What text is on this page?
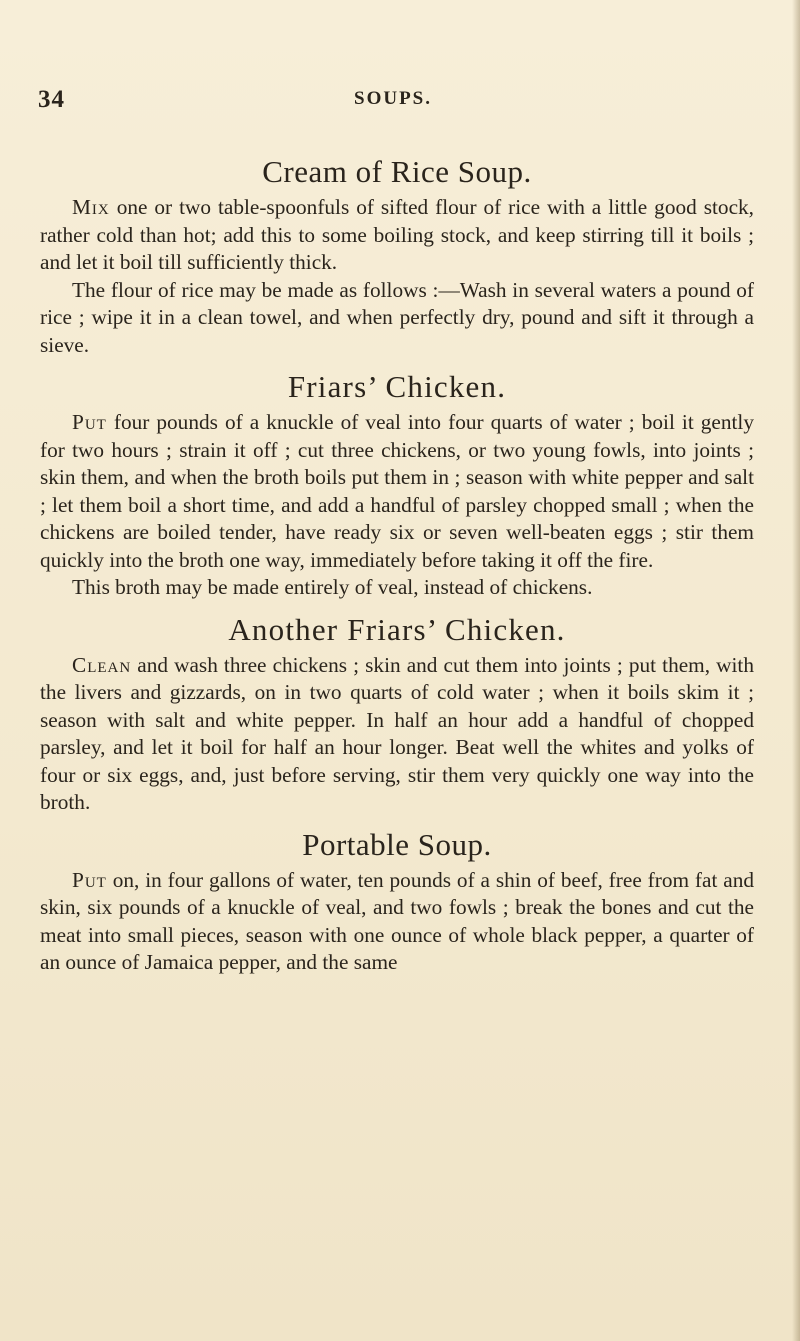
34	SOUPS.
Cream of Rice Soup.

Mix one or two table-spoonfuls of sifted flour of rice with a little good stock, rather cold than hot; add this to some boiling stock, and keep stirring till it boils ; and let it boil till sufficiently thick.

The flour of rice may be made as follows :—Wash in several waters a pound of rice ; wipe it in a clean towel, and when perfectly dry, pound and sift it through a sieve.

Friars’ Chicken.

Put four pounds of a knuckle of veal into four quarts of water ; boil it gently for two hours ; strain it off ; cut three chickens, or two young fowls, into joints ; skin them, and when the broth boils put them in ; season with white pepper and salt ; let them boil a short time, and add a handful of parsley chopped small ; when the chickens are boiled tender, have ready six or seven well-beaten eggs ; stir them quickly into the broth one way, immediately before taking it off the fire.

This broth may be made entirely of veal, instead of chickens.

Another Friars’ Chicken.

Clean and wash three chickens ; skin and cut them into joints ; put them, with the livers and gizzards, on in two quarts of cold water ; when it boils skim it ; season with salt and white pepper. In half an hour add a handful of chopped parsley, and let it boil for half an hour longer. Beat well the whites and yolks of four or six eggs, and, just before serving, stir them very quickly one way into the broth.

Portable Soup.

Put on, in four gallons of water, ten pounds of a shin of beef, free from fat and skin, six pounds of a knuckle of veal, and two fowls ; break the bones and cut the meat into small pieces, season with one ounce of whole black pepper, a quarter of an ounce of Jamaica pepper, and the same
